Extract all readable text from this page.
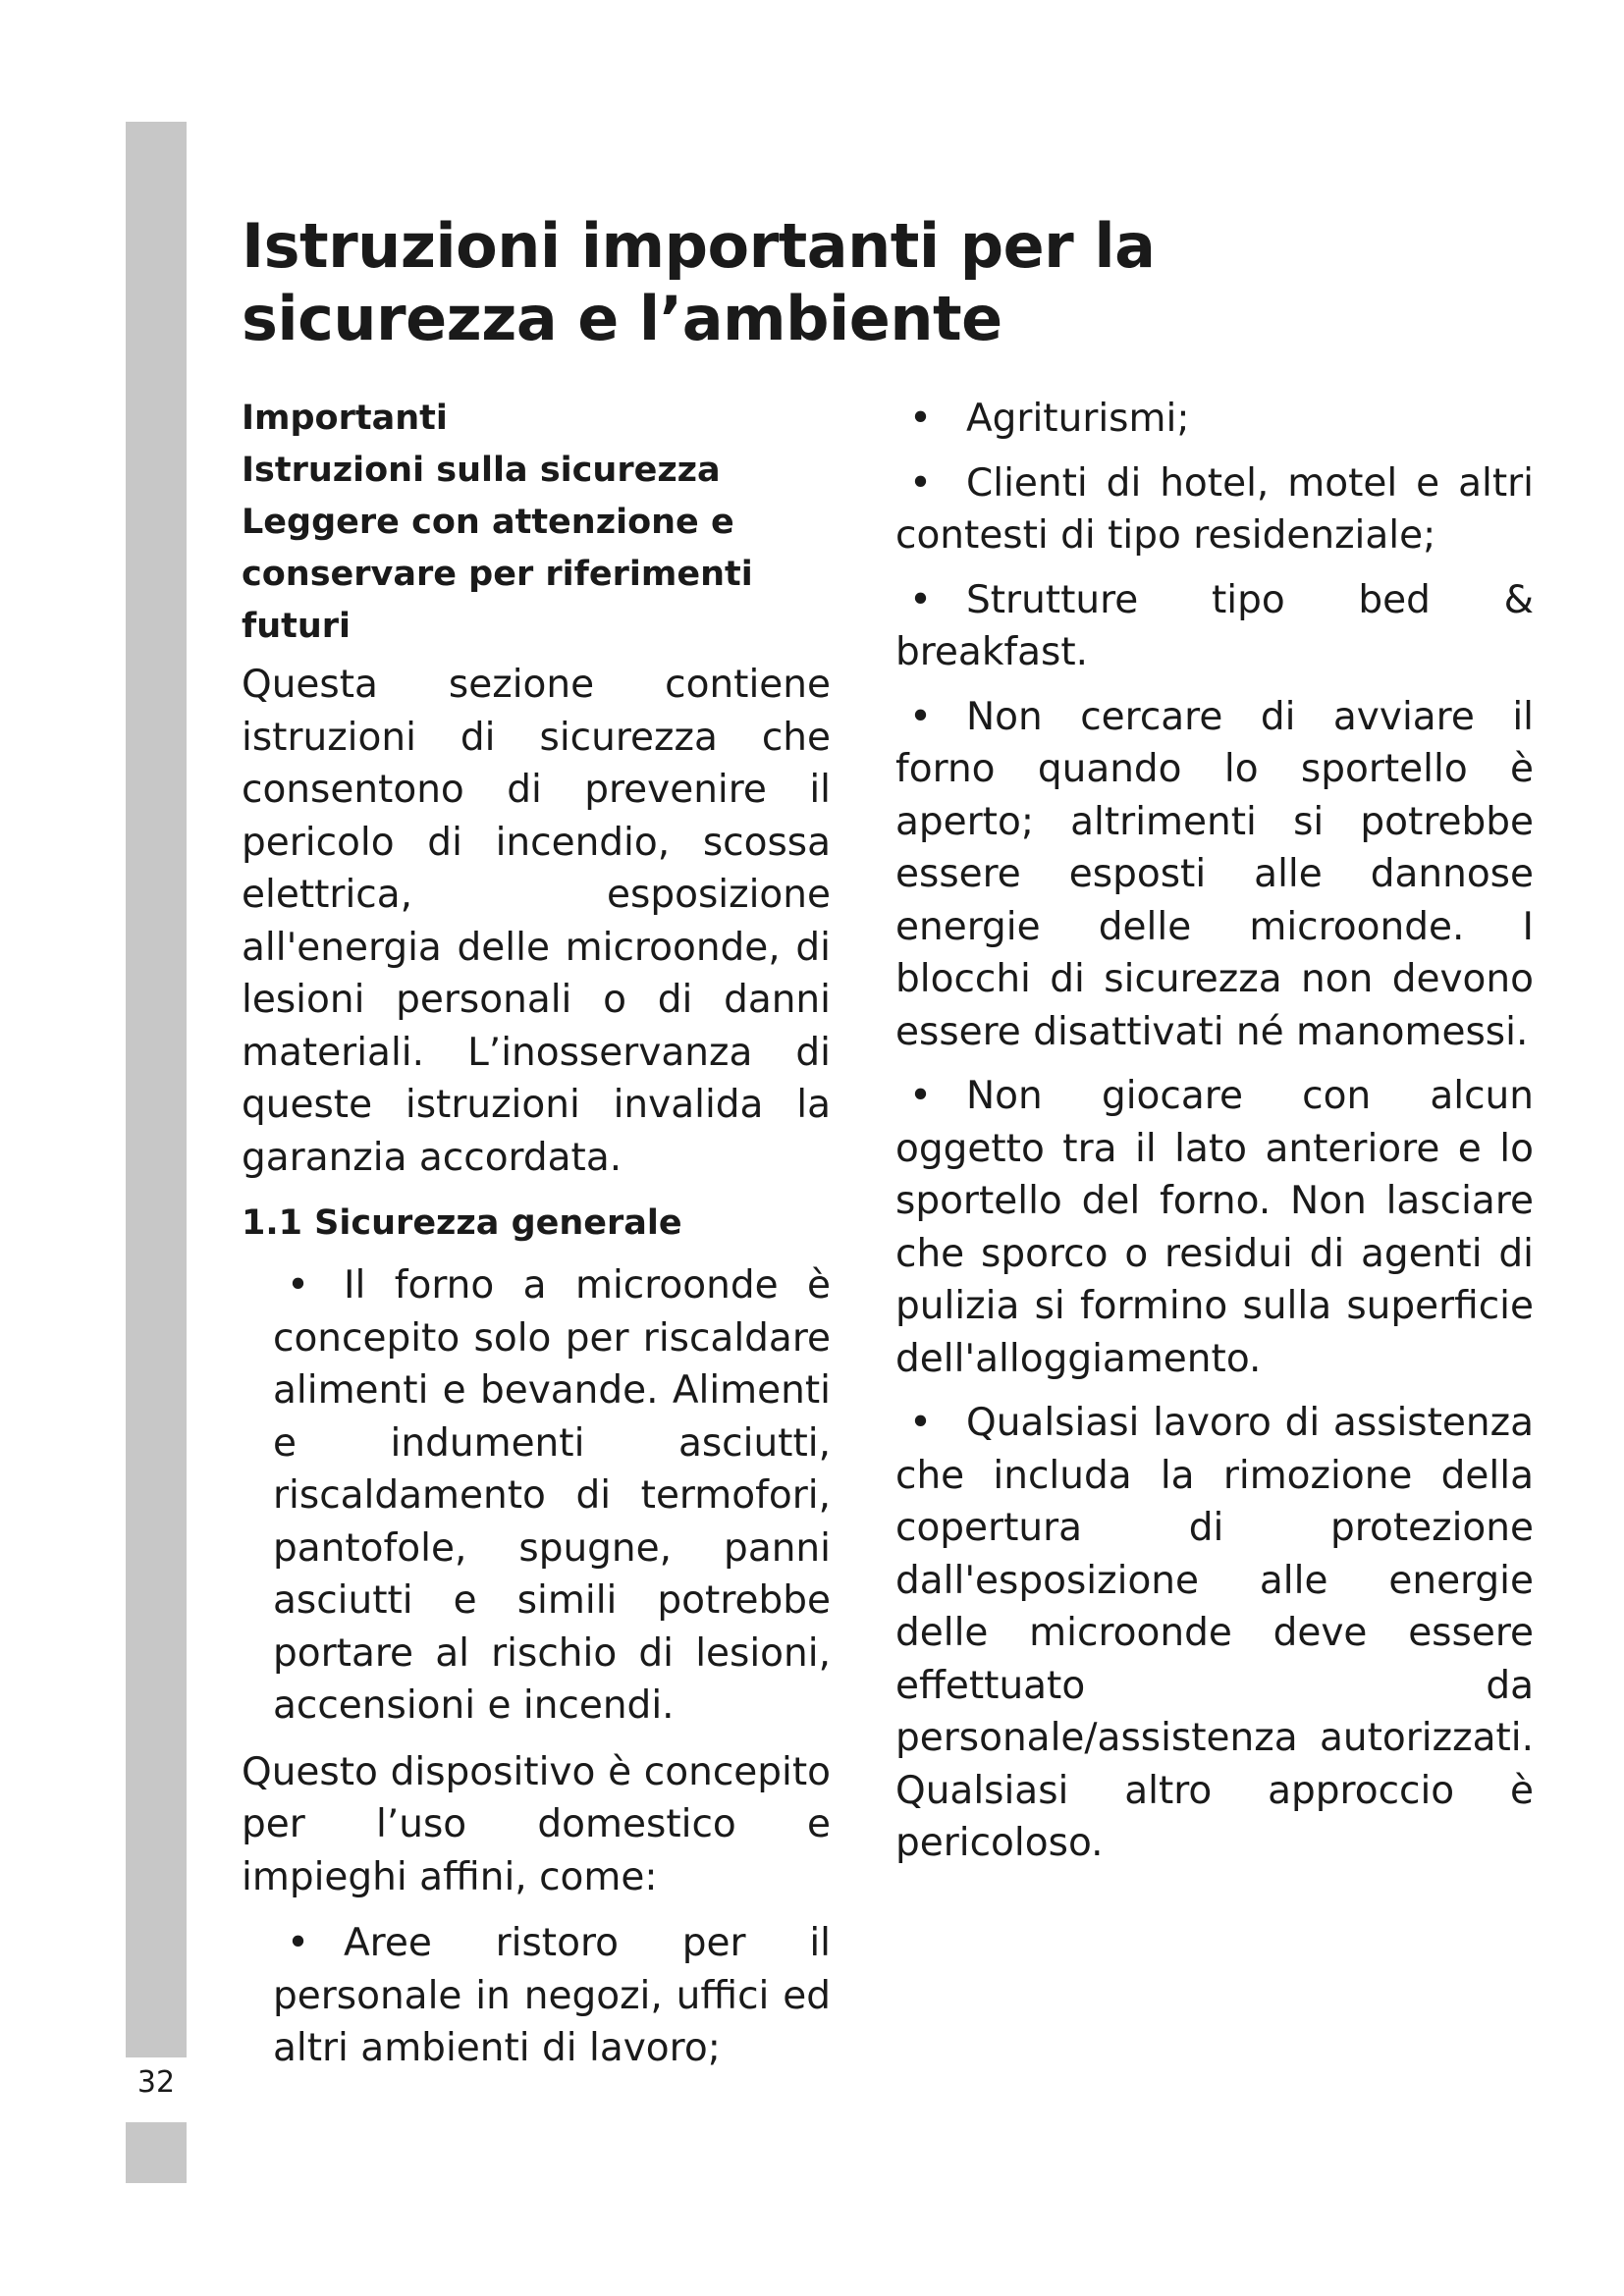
32
Istruzioni importanti per la sicurezza e l’ambiente

Importanti

Istruzioni sulla sicurezza

Leggere con attenzione e conservare per riferimenti futuri

Questa sezione contiene istruzioni di sicurezza che consentono di prevenire il pericolo di incendio, scossa elettrica, esposizione all'energia delle microonde, di lesioni personali o di danni materiali. L’inosservanza di queste istruzioni invalida la garanzia accordata.

1.1 Sicurezza generale

• Il forno a microonde è concepito solo per riscaldare alimenti e bevande. Alimenti e indumenti asciutti, riscaldamento di termofori, pantofole, spugne, panni asciutti e simili potrebbe portare al rischio di lesioni, accensioni e incendi.

Questo dispositivo è concepito per l’uso domestico e impieghi affini, come:

• Aree ristoro per il personale in negozi, uffici ed altri ambienti di lavoro;

• Agriturismi;

• Clienti di hotel, motel e altri contesti di tipo residenziale;

• Strutture tipo bed & breakfast.

• Non cercare di avviare il forno quando lo sportello è aperto; altrimenti si potrebbe essere esposti alle dannose energie delle microonde. I blocchi di sicurezza non devono essere disattivati né manomessi.

• Non giocare con alcun oggetto tra il lato anteriore e lo sportello del forno. Non lasciare che sporco o residui di agenti di pulizia si formino sulla superficie dell'alloggiamento.

• Qualsiasi lavoro di assistenza che includa la rimozione della copertura di protezione dall'esposizione alle energie delle microonde deve essere effettuato da personale/assistenza autorizzati. Qualsiasi altro approccio è pericoloso.
